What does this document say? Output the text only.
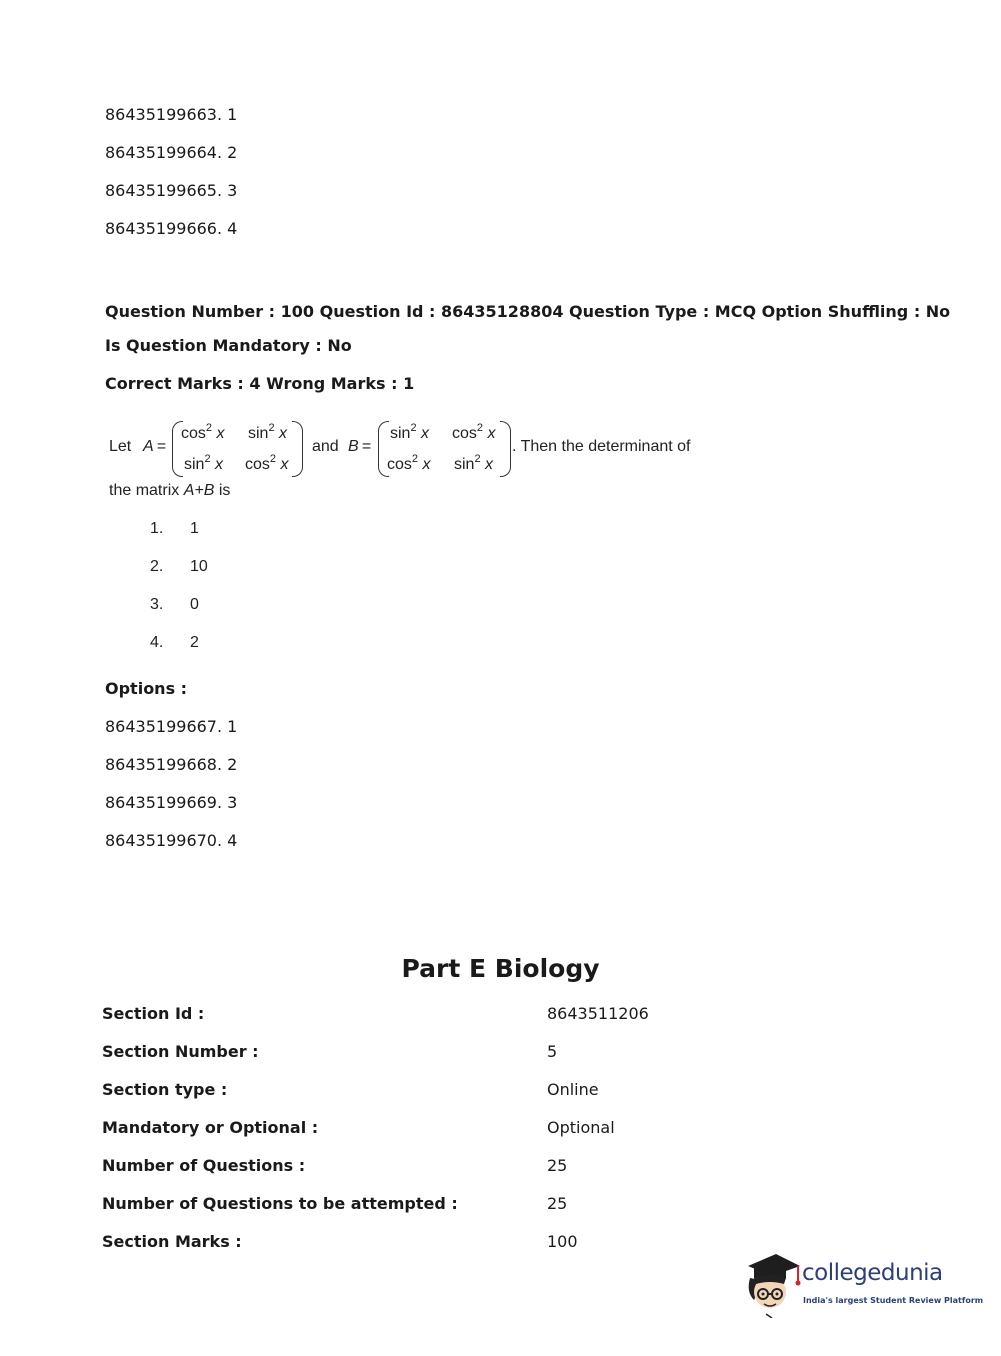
86435199663. 1
86435199664. 2
86435199665. 3
86435199666. 4
Question Number : 100 Question Id : 86435128804 Question Type : MCQ Option Shuffling : No
Is Question Mandatory : No
Correct Marks : 4 Wrong Marks : 1
Let A =
$\cos^2 x$ $\sin^2 x$
$\sin^2 x$ $\cos^2 x$
and B =
$\sin^2 x$ $\cos^2 x$
$\cos^2 x$ $\sin^2 x$
. Then the determinant of
the matrix A+B is
1. 1
2. 10
3. 0
4. 2
Options :
86435199667. 1
86435199668. 2
86435199669. 3
86435199670. 4
Part E Biology
Section Id :	8643511206
Section Number :	5
Section type :	Online
Mandatory or Optional :	Optional
Number of Questions :	25
Number of Questions to be attempted :	25
Section Marks :	100
collegedunia
India's largest Student Review Platform
